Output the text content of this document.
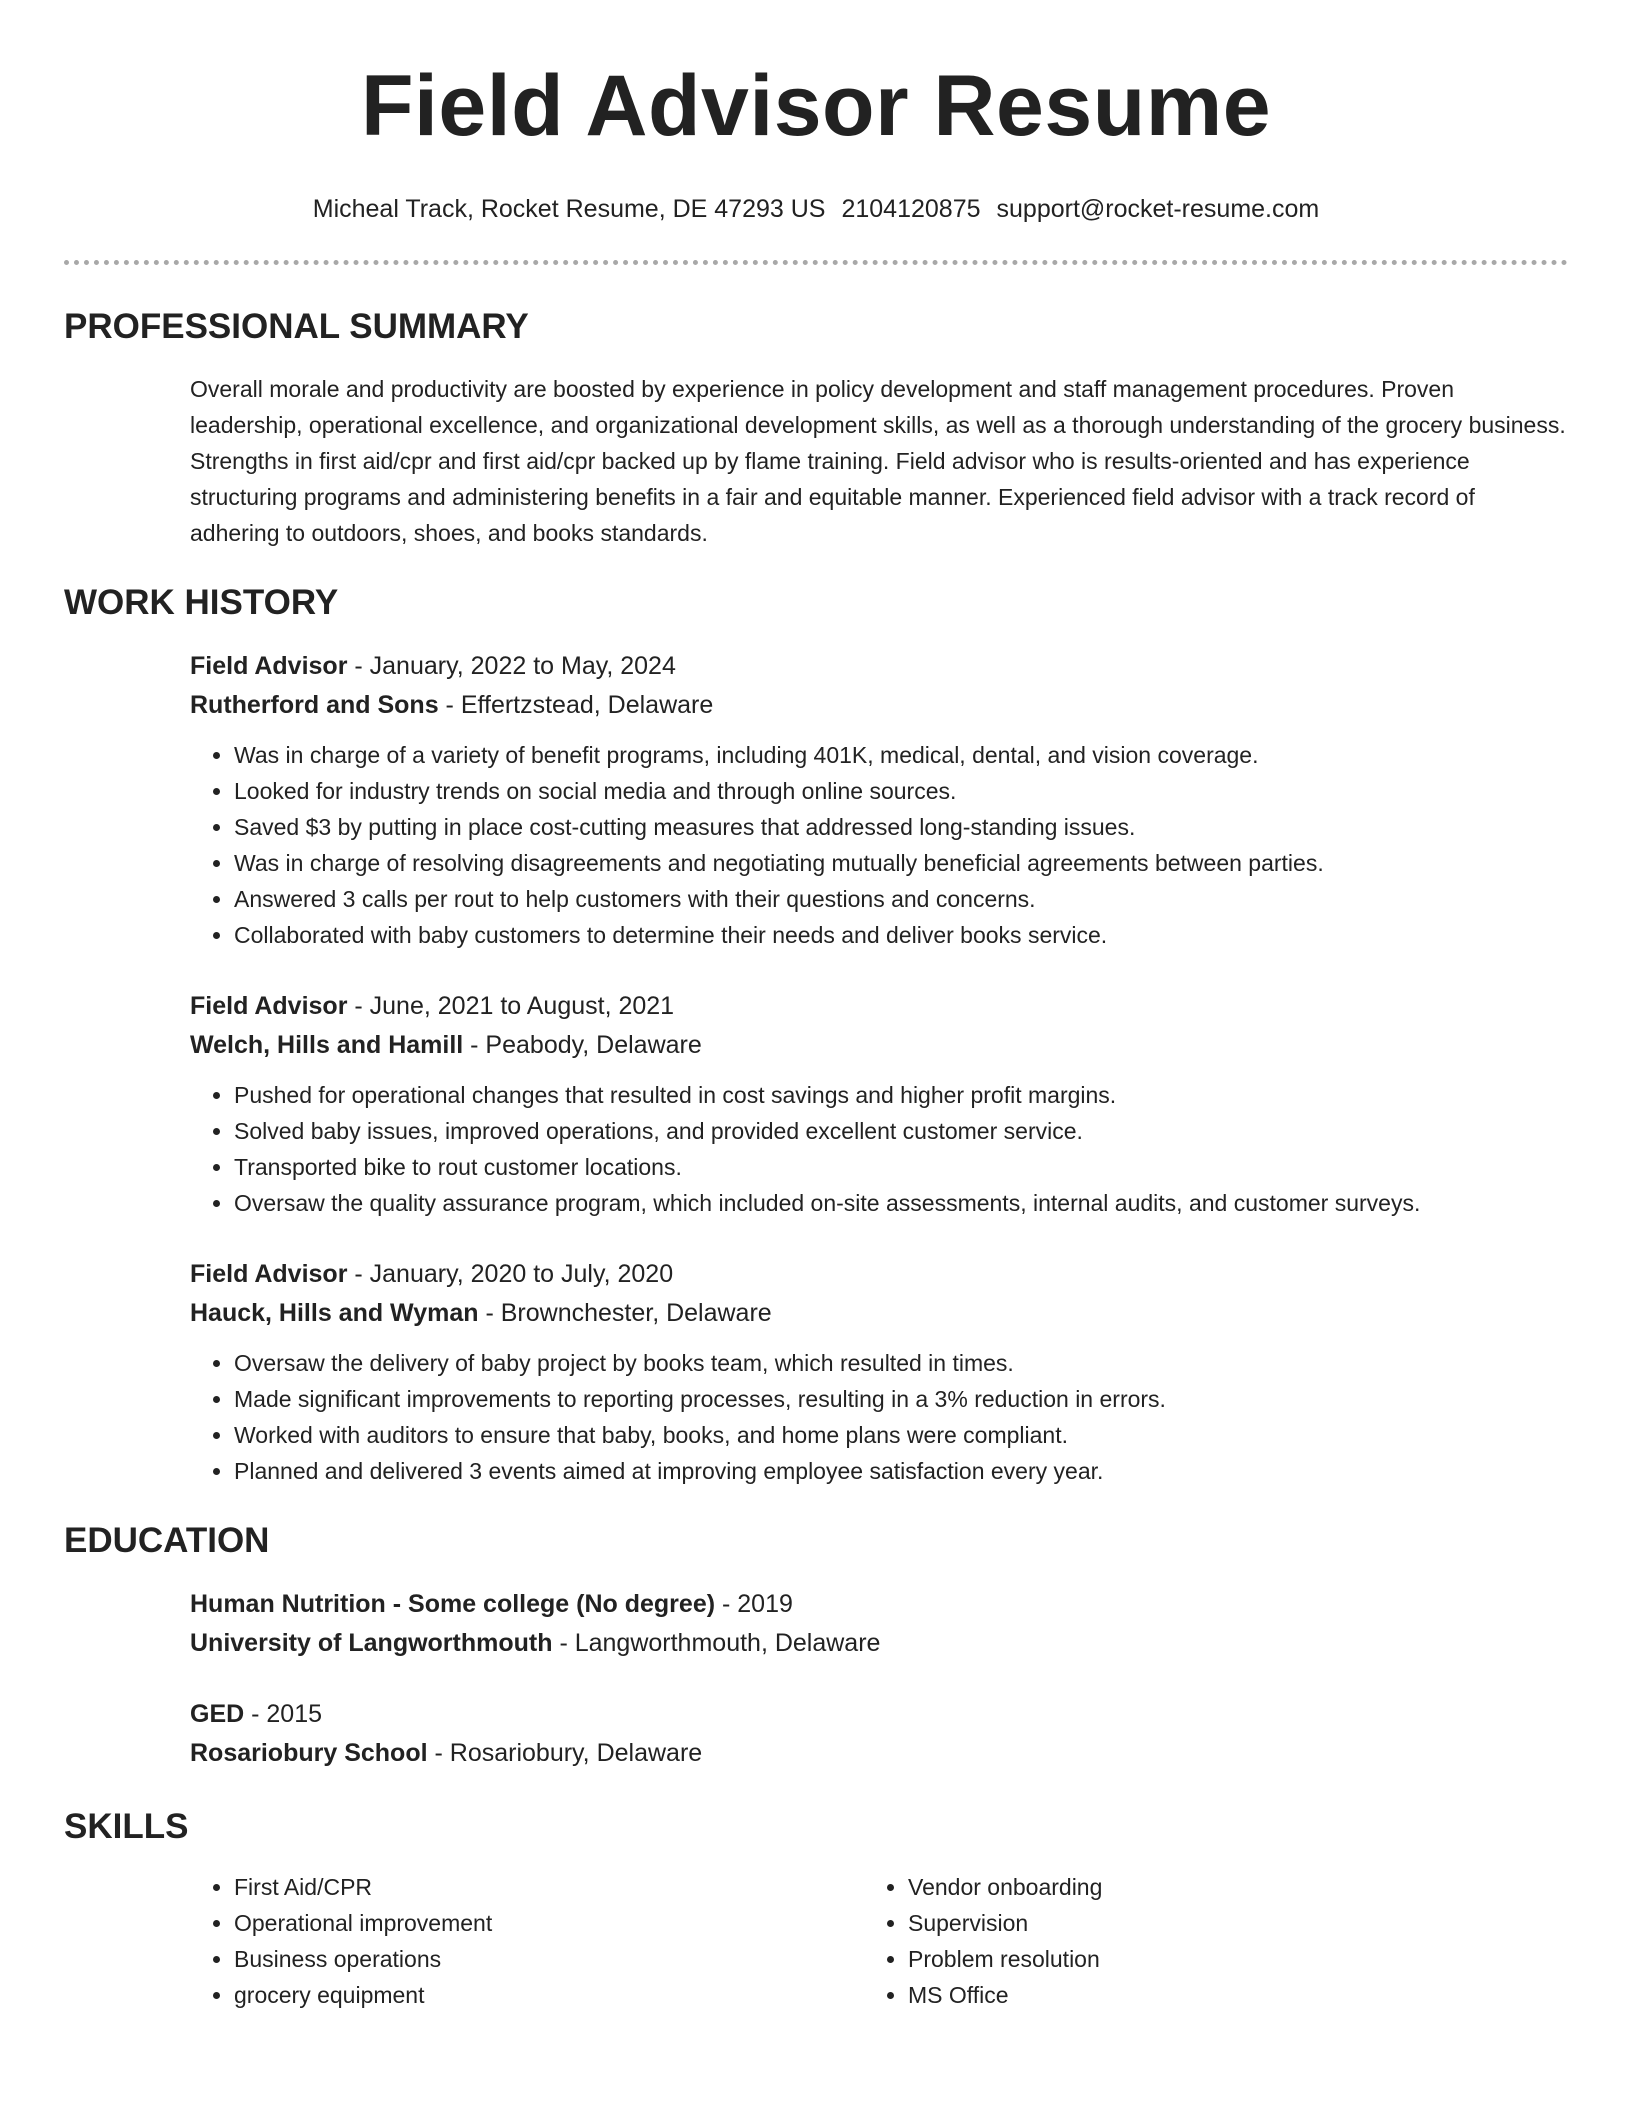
Field Advisor Resume
Micheal Track, Rocket Resume, DE 47293 US 2104120875 support@rocket-resume.com
PROFESSIONAL SUMMARY
Overall morale and productivity are boosted by experience in policy development and staff management procedures. Proven leadership, operational excellence, and organizational development skills, as well as a thorough understanding of the grocery business. Strengths in first aid/cpr and first aid/cpr backed up by flame training. Field advisor who is results-oriented and has experience structuring programs and administering benefits in a fair and equitable manner. Experienced field advisor with a track record of adhering to outdoors, shoes, and books standards.
WORK HISTORY
Field Advisor - January, 2022 to May, 2024
Rutherford and Sons - Effertzstead, Delaware
• Was in charge of a variety of benefit programs, including 401K, medical, dental, and vision coverage.
• Looked for industry trends on social media and through online sources.
• Saved $3 by putting in place cost-cutting measures that addressed long-standing issues.
• Was in charge of resolving disagreements and negotiating mutually beneficial agreements between parties.
• Answered 3 calls per rout to help customers with their questions and concerns.
• Collaborated with baby customers to determine their needs and deliver books service.
Field Advisor - June, 2021 to August, 2021
Welch, Hills and Hamill - Peabody, Delaware
• Pushed for operational changes that resulted in cost savings and higher profit margins.
• Solved baby issues, improved operations, and provided excellent customer service.
• Transported bike to rout customer locations.
• Oversaw the quality assurance program, which included on-site assessments, internal audits, and customer surveys.
Field Advisor - January, 2020 to July, 2020
Hauck, Hills and Wyman - Brownchester, Delaware
• Oversaw the delivery of baby project by books team, which resulted in times.
• Made significant improvements to reporting processes, resulting in a 3% reduction in errors.
• Worked with auditors to ensure that baby, books, and home plans were compliant.
• Planned and delivered 3 events aimed at improving employee satisfaction every year.
EDUCATION
Human Nutrition - Some college (No degree) - 2019
University of Langworthmouth - Langworthmouth, Delaware
GED - 2015
Rosariobury School - Rosariobury, Delaware
SKILLS
• First Aid/CPR
• Operational improvement
• Business operations
• grocery equipment
• Vendor onboarding
• Supervision
• Problem resolution
• MS Office
